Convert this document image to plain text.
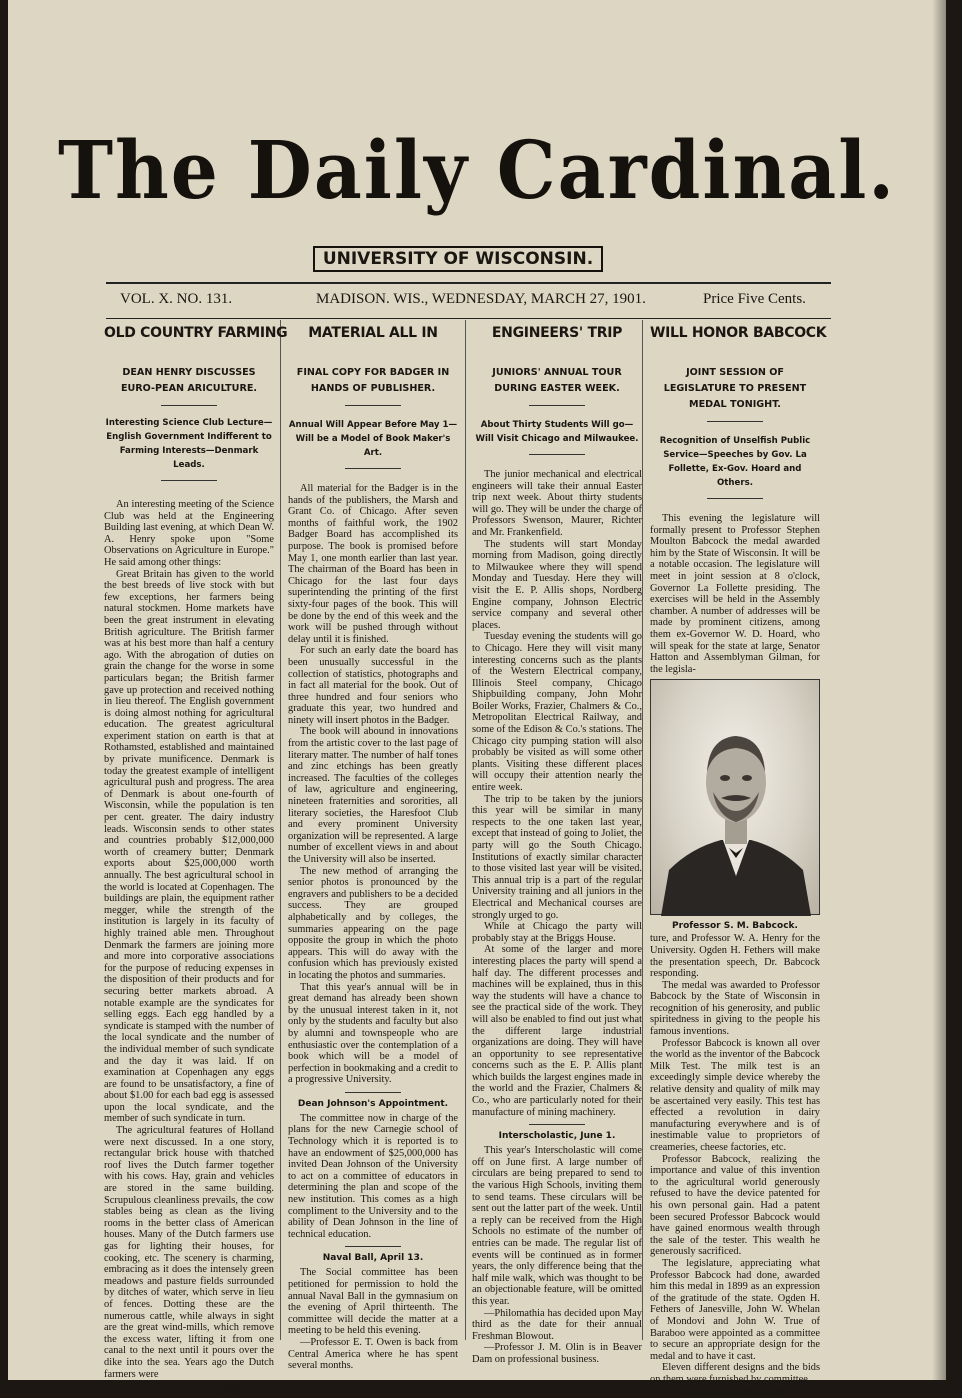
The Daily Cardinal.
UNIVERSITY OF WISCONSIN.
VOL. X. NO. 131.	MADISON. WIS., WEDNESDAY, MARCH 27, 1901.	Price Five Cents.
OLD COUNTRY FARMING
DEAN HENRY DISCUSSES EURO-PEAN ARICULTURE.
Interesting Science Club Lecture—English Government Indifferent to Farming Interests—Denmark Leads.

An interesting meeting of the Science Club was held at the Engineering Building last evening, at which Dean W. A. Henry spoke upon "Some Observations on Agriculture in Europe." He said among other things:

Great Britain has given to the world the best breeds of live stock with but few exceptions, her farmers being natural stockmen. Home markets have been the great instrument in elevating British agriculture. The British farmer was at his best more than half a century ago. With the abrogation of duties on grain the change for the worse in some particulars began; the British farmer gave up protection and received nothing in lieu thereof. The English government is doing almost nothing for agricultural education. The greatest agricultural experiment station on earth is that at Rothamsted, established and maintained by private munificence. Denmark is today the greatest example of intelligent agricultural push and progress. The area of Denmark is about one-fourth of Wisconsin, while the population is ten per cent. greater. The dairy industry leads. Wisconsin sends to other states and countries probably $12,000,000 worth of creamery butter; Denmark exports about $25,000,000 worth annually. The best agricultural school in the world is located at Copenhagen. The buildings are plain, the equipment rather megger, while the strength of the institution is largely in its faculty of highly trained able men. Throughout Denmark the farmers are joining more and more into corporative associations for the purpose of reducing expenses in the disposition of their products and for securing better markets abroad. A notable example are the syndicates for selling eggs. Each egg handled by a syndicate is stamped with the number of the local syndicate and the number of the individual member of such syndicate and the day it was laid. If on examination at Copenhagen any eggs are found to be unsatisfactory, a fine of about $1.00 for each bad egg is assessed upon the local syndicate, and the member of such syndicate in turn.

The agricultural features of Holland were next discussed. In a one story, rectangular brick house with thatched roof lives the Dutch farmer together with his cows. Hay, grain and vehicles are stored in the same building. Scrupulous cleanliness prevails, the cow stables being as clean as the living rooms in the better class of American houses. Many of the Dutch farmers use gas for lighting their houses, for cooking, etc. The scenery is charming, embracing as it does the intensely green meadows and pasture fields surrounded by ditches of water, which serve in lieu of fences. Dotting these are the numerous cattle, while always in sight are the great wind-mills, which remove the excess water, lifting it from one canal to the next until it pours over the dike into the sea. Years ago the Dutch farmers were

Continued on fourth page.
MATERIAL ALL IN
FINAL COPY FOR BADGER IN HANDS OF PUBLISHER.
Annual Will Appear Before May 1—Will be a Model of Book Maker's Art.

All material for the Badger is in the hands of the publishers, the Marsh and Grant Co. of Chicago. After seven months of faithful work, the 1902 Badger Board has accomplished its purpose. The book is promised before May 1, one month earlier than last year. The chairman of the Board has been in Chicago for the last four days superintending the printing of the first sixty-four pages of the book. This will be done by the end of this week and the work will be pushed through without delay until it is finished.

For such an early date the board has been unusually successful in the collection of statistics, photographs and in fact all material for the book. Out of three hundred and four seniors who graduate this year, two hundred and ninety will insert photos in the Badger.

The book will abound in innovations from the artistic cover to the last page of literary matter. The number of half tones and zinc etchings has been greatly increased. The faculties of the colleges of law, agriculture and engineering, nineteen fraternities and sororities, all literary societies, the Haresfoot Club and every prominent University organization will be represented. A large number of excellent views in and about the University will also be inserted.

The new method of arranging the senior photos is pronounced by the engravers and publishers to be a decided success. They are grouped alphabetically and by colleges, the summaries appearing on the page opposite the group in which the photo appears. This will do away with the confusion which has previously existed in locating the photos and summaries.

That this year's annual will be in great demand has already been shown by the unusual interest taken in it, not only by the students and faculty but also by alumni and townspeople who are enthusiastic over the contemplation of a book which will be a model of perfection in bookmaking and a credit to a progressive University.

Dean Johnson's Appointment.

The committee now in charge of the plans for the new Carnegie school of Technology which it is reported is to have an endowment of $25,000,000 has invited Dean Johnson of the University to act on a committee of educators in determining the plan and scope of the new institution. This comes as a high compliment to the University and to the ability of Dean Johnson in the line of technical education.

Naval Ball, April 13.

The Social committee has been petitioned for permission to hold the annual Naval Ball in the gymnasium on the evening of April thirteenth. The committee will decide the matter at a meeting to be held this evening.

—Professor E. T. Owen is back from Central America where he has spent several months.

ENGINEERS' TRIP
JUNIORS' ANNUAL TOUR DURING EASTER WEEK.
About Thirty Students Will go—Will Visit Chicago and Milwaukee.

The junior mechanical and electrical engineers will take their annual Easter trip next week. About thirty students will go. They will be under the charge of Professors Swenson, Maurer, Richter and Mr. Frankenfield.

The students will start Monday morning from Madison, going directly to Milwaukee where they will spend Monday and Tuesday. Here they will visit the E. P. Allis shops, Nordberg Engine company, Johnson Electric service company and several other places.

Tuesday evening the students will go to Chicago. Here they will visit many interesting concerns such as the plants of the Western Electrical company, Illinois Steel company, Chicago Shipbuilding company, John Mohr Boiler Works, Frazier, Chalmers & Co., Metropolitan Electrical Railway, and some of the Edison & Co.'s stations. The Chicago city pumping station will also probably be visited as will some other plants. Visiting these different places will occupy their attention nearly the entire week.

The trip to be taken by the juniors this year will be similar in many respects to the one taken last year, except that instead of going to Joliet, the party will go the South Chicago. Institutions of exactly similar character to those visited last year will be visited. This annual trip is a part of the regular University training and all juniors in the Electrical and Mechanical courses are strongly urged to go.

While at Chicago the party will probably stay at the Briggs House.

At some of the larger and more interesting places the party will spend a half day. The different processes and machines will be explained, thus in this way the students will have a chance to see the practical side of the work. They will also be enabled to find out just what the different large industrial organizations are doing. They will have an opportunity to see representative concerns such as the E. P. Allis plant which builds the largest engines made in the world and the Frazier, Chalmers & Co., who are particularly noted for their manufacture of mining machinery.

Interscholastic, June 1.

This year's Interscholastic will come off on June first. A large number of circulars are being prepared to send to the various High Schools, inviting them to send teams. These circulars will be sent out the latter part of the week. Until a reply can be received from the High Schools no estimate of the number of entries can be made. The regular list of events will be continued as in former years, the only difference being that the half mile walk, which was thought to be an objectionable feature, will be omitted this year.

—Philomathia has decided upon May third as the date for their annual Freshman Blowout.

—Professor J. M. Olin is in Beaver Dam on professional business.

WILL HONOR BABCOCK
JOINT SESSION OF LEGISLATURE TO PRESENT MEDAL TONIGHT.
Recognition of Unselfish Public Service—Speeches by Gov. La Follette, Ex-Gov. Hoard and Others.

This evening the legislature will formally present to Professor Stephen Moulton Babcock the medal awarded him by the State of Wisconsin. It will be a notable occasion. The legislature will meet in joint session at 8 o'clock, Governor La Follette presiding. The exercises will be held in the Assembly chamber. A number of addresses will be made by prominent citizens, among them ex-Governor W. D. Hoard, who will speak for the state at large, Senator Hatton and Assemblyman Gilman, for the legisla-

Professor S. M. Babcock.

ture, and Professor W. A. Henry for the University. Ogden H. Fethers will make the presentation speech, Dr. Babcock responding.

The medal was awarded to Professor Babcock by the State of Wisconsin in recognition of his generosity, and public spiritedness in giving to the people his famous inventions.

Professor Babcock is known all over the world as the inventor of the Babcock Milk Test. The milk test is an exceedingly simple device whereby the relative density and quality of milk may be ascertained very easily. This test has effected a revolution in dairy manufacturing everywhere and is of inestimable value to proprietors of creameries, cheese factories, etc.

Professor Babcock, realizing the importance and value of this invention to the agricultural world generously refused to have the device patented for his own personal gain. Had a patent been secured Professor Babcock would have gained enormous wealth through the sale of the tester. This wealth he generously sacrificed.

The legislature, appreciating what Professor Babcock had done, awarded him this medal in 1899 as an expression of the gratitude of the state. Ogden H. Fethers of Janesville, John W. Whelan of Mondovi and John W. True of Baraboo were appointed as a committee to secure an appropriate design for the medal and to have it cast.

Eleven different designs and the bids on them were furnished by committee.

Continued on third page.
